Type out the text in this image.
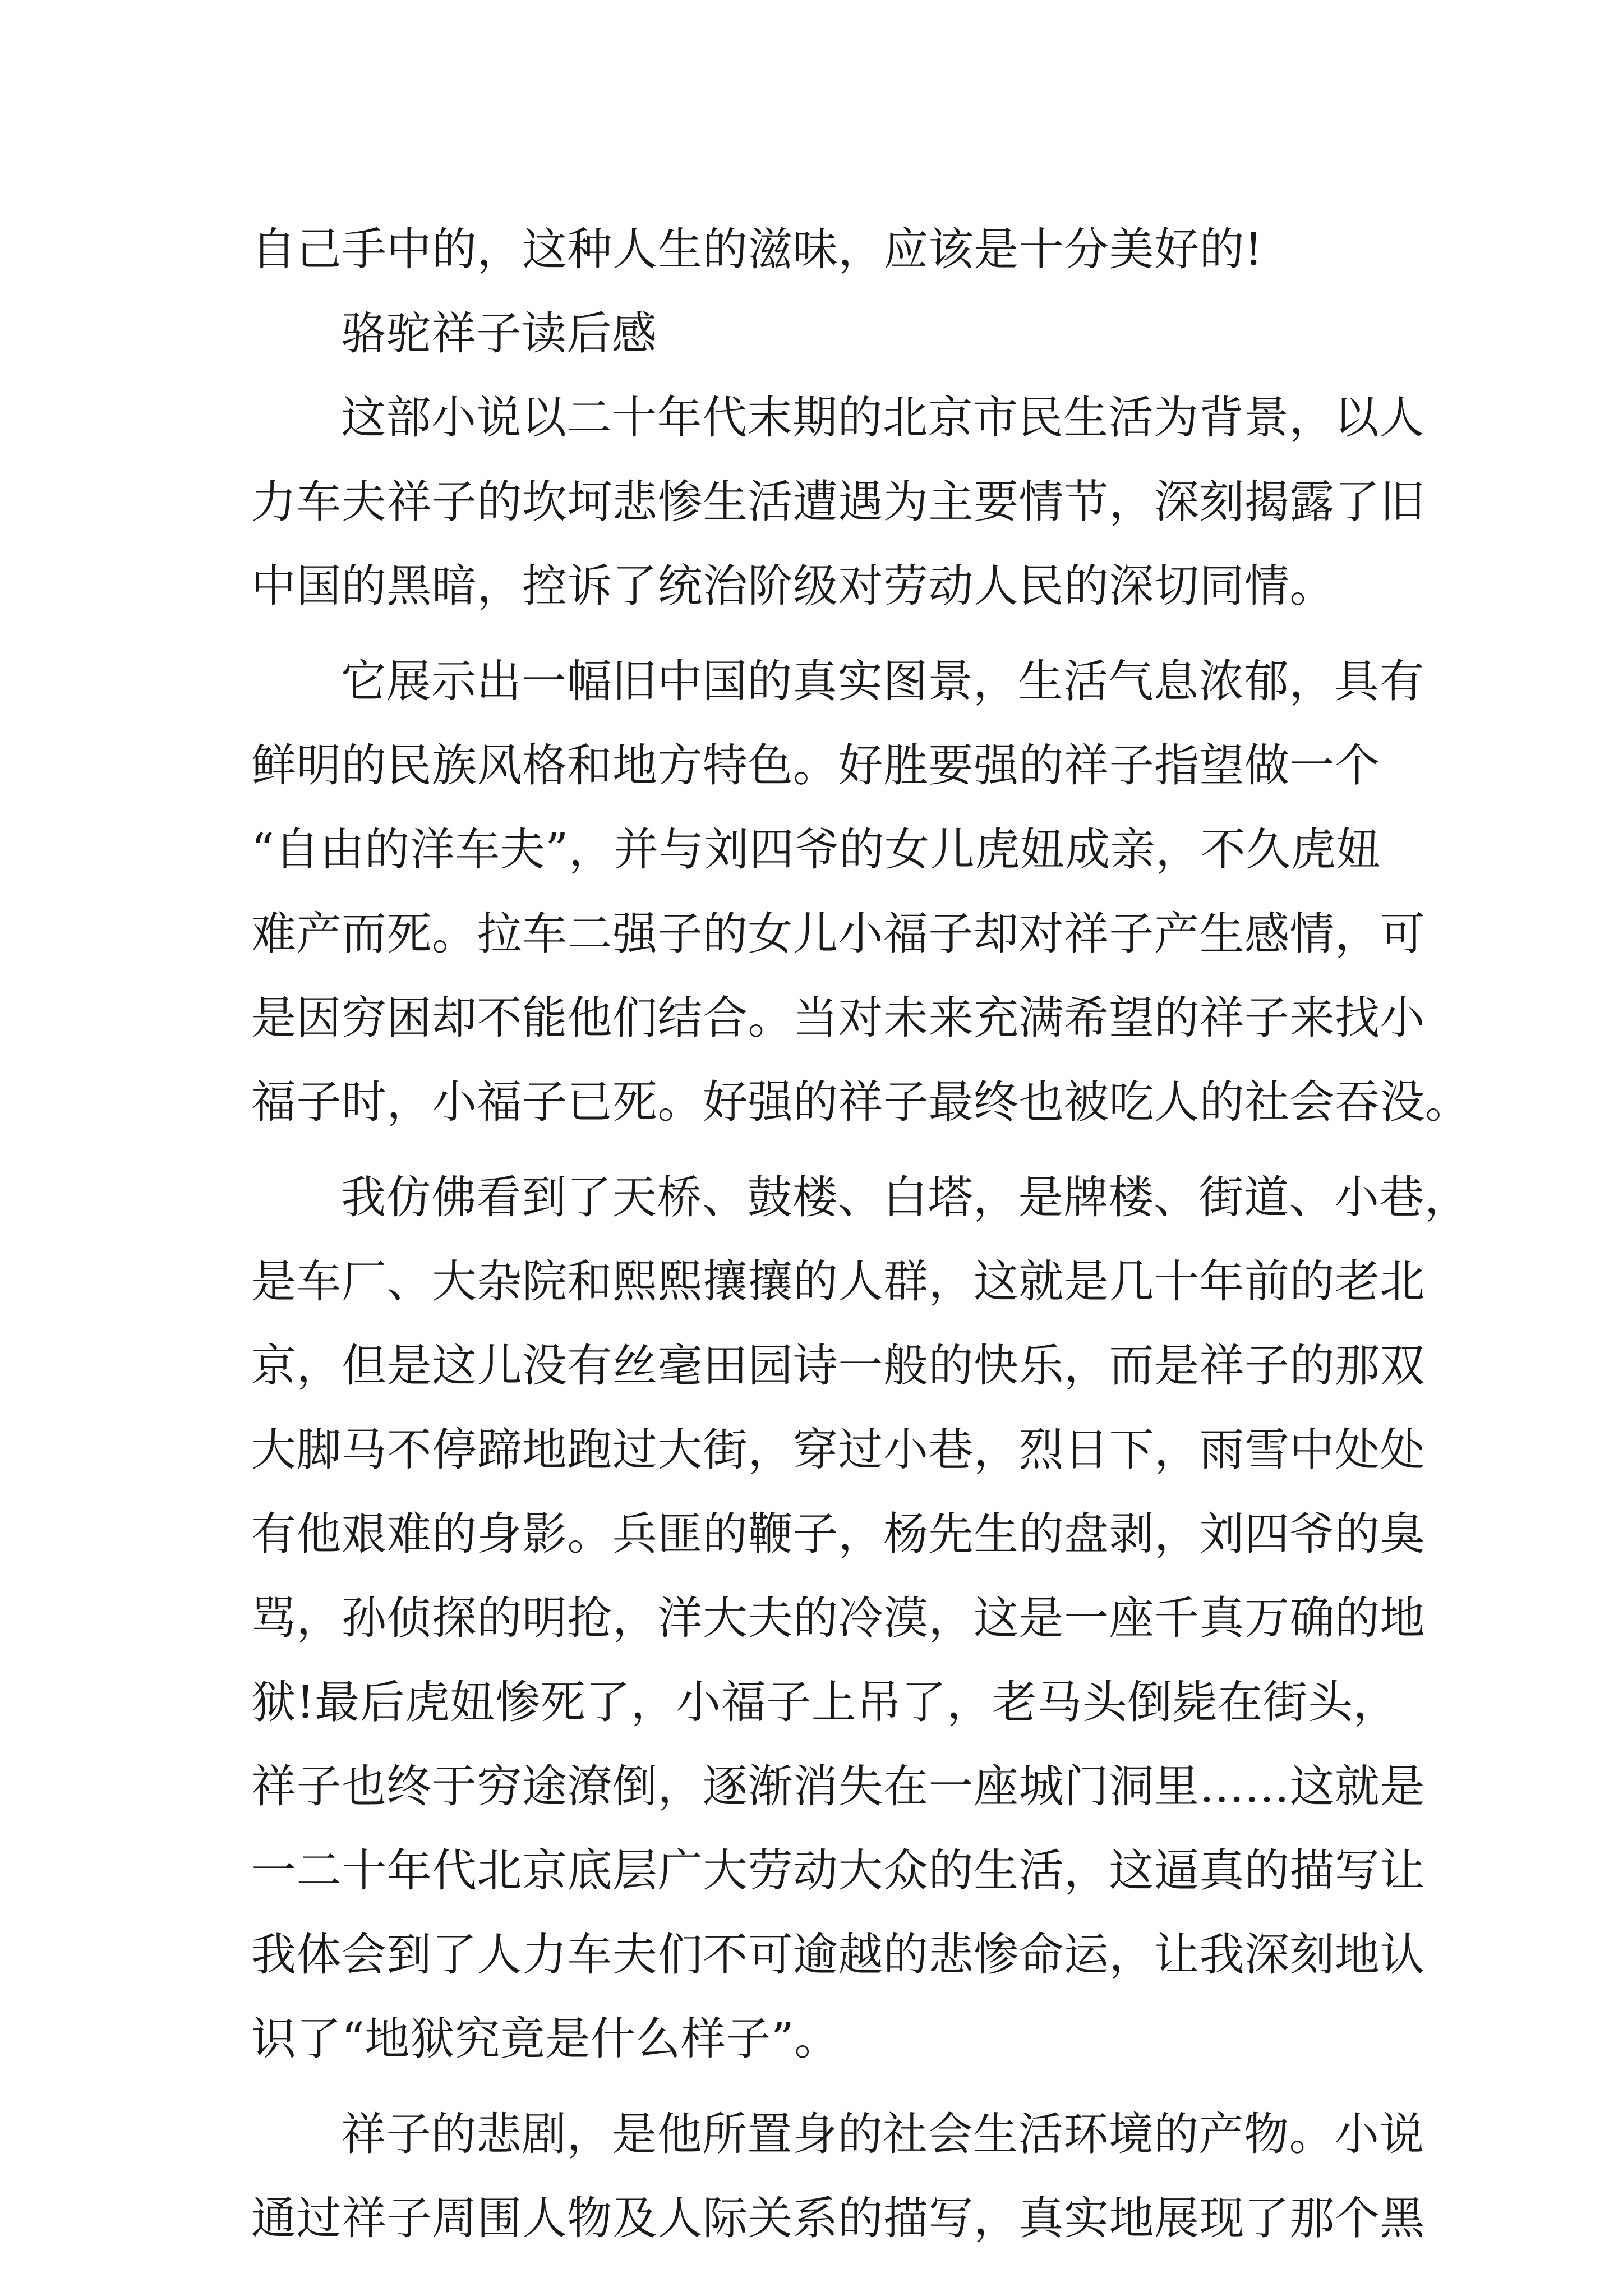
自己手中的，这种人生的滋味，应该是十分美好的!
骆驼祥子读后感
这部小说以二十年代末期的北京市民生活为背景，以人
力车夫祥子的坎坷悲惨生活遭遇为主要情节，深刻揭露了旧
中国的黑暗，控诉了统治阶级对劳动人民的深切同情。
它展示出一幅旧中国的真实图景，生活气息浓郁，具有
鲜明的民族风格和地方特色。好胜要强的祥子指望做一个
“自由的洋车夫”，并与刘四爷的女儿虎妞成亲，不久虎妞
难产而死。拉车二强子的女儿小福子却对祥子产生感情，可
是因穷困却不能他们结合。当对未来充满希望的祥子来找小
福子时，小福子已死。好强的祥子最终也被吃人的社会吞没。
我仿佛看到了天桥、鼓楼、白塔，是牌楼、街道、小巷，
是车厂、大杂院和熙熙攘攘的人群，这就是几十年前的老北
京，但是这儿没有丝毫田园诗一般的快乐，而是祥子的那双
大脚马不停蹄地跑过大街，穿过小巷，烈日下，雨雪中处处
有他艰难的身影。兵匪的鞭子，杨先生的盘剥，刘四爷的臭
骂，孙侦探的明抢，洋大夫的冷漠，这是一座千真万确的地
狱!最后虎妞惨死了，小福子上吊了，老马头倒毙在街头，
祥子也终于穷途潦倒，逐渐消失在一座城门洞里……这就是
一二十年代北京底层广大劳动大众的生活，这逼真的描写让
我体会到了人力车夫们不可逾越的悲惨命运，让我深刻地认
识了“地狱究竟是什么样子”。
祥子的悲剧，是他所置身的社会生活环境的产物。小说
通过祥子周围人物及人际关系的描写，真实地展现了那个黑
